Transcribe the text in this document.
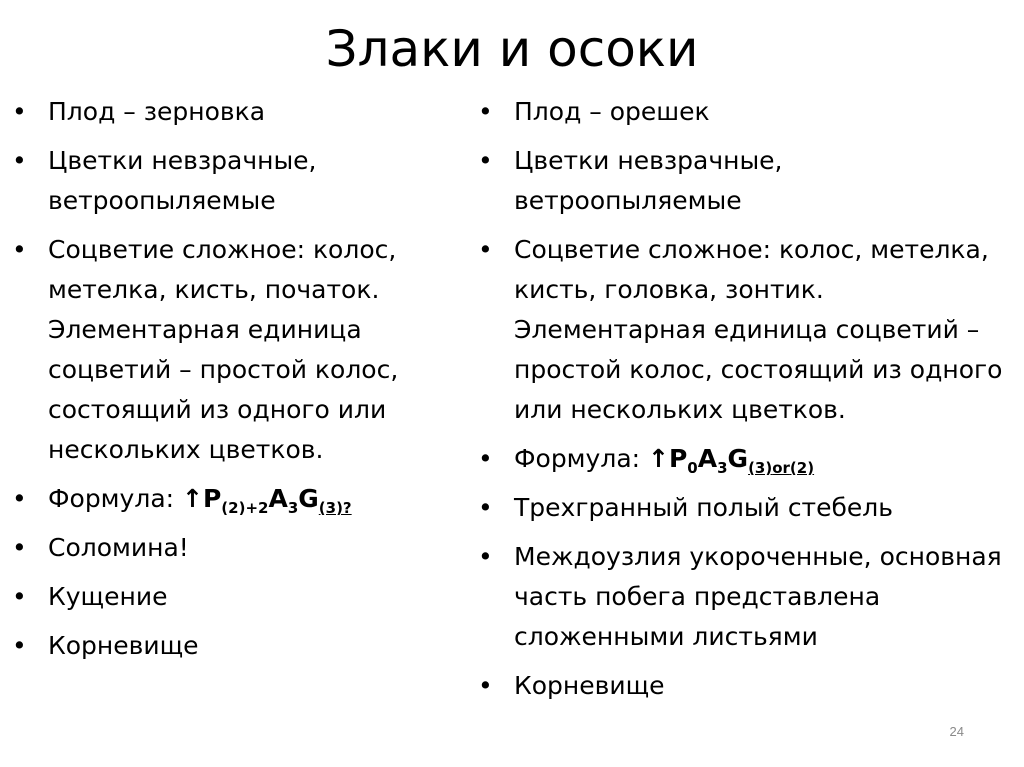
Злаки и осоки
• Плод – зерновка
• Цветки невзрачные, ветроопыляемые
• Соцветие сложное: колос, метелка, кисть, початок. Элементарная единица соцветий – простой колос, состоящий из одного или нескольких цветков.
• Формула: $↑P_{(2)+2}A_3G_{(3)?}$
• Соломина!
• Кущение
• Корневище
• Плод – орешек
• Цветки невзрачные, ветроопыляемые
• Соцветие сложное: колос, метелка, кисть, головка, зонтик. Элементарная единица соцветий – простой колос, состоящий из одного или нескольких цветков.
• Формула: $↑P_0A_3G_{(3)or(2)}$
• Трехгранный полый стебель
• Междоузлия укороченные, основная часть побега представлена сложенными листьями
• Корневище
24
